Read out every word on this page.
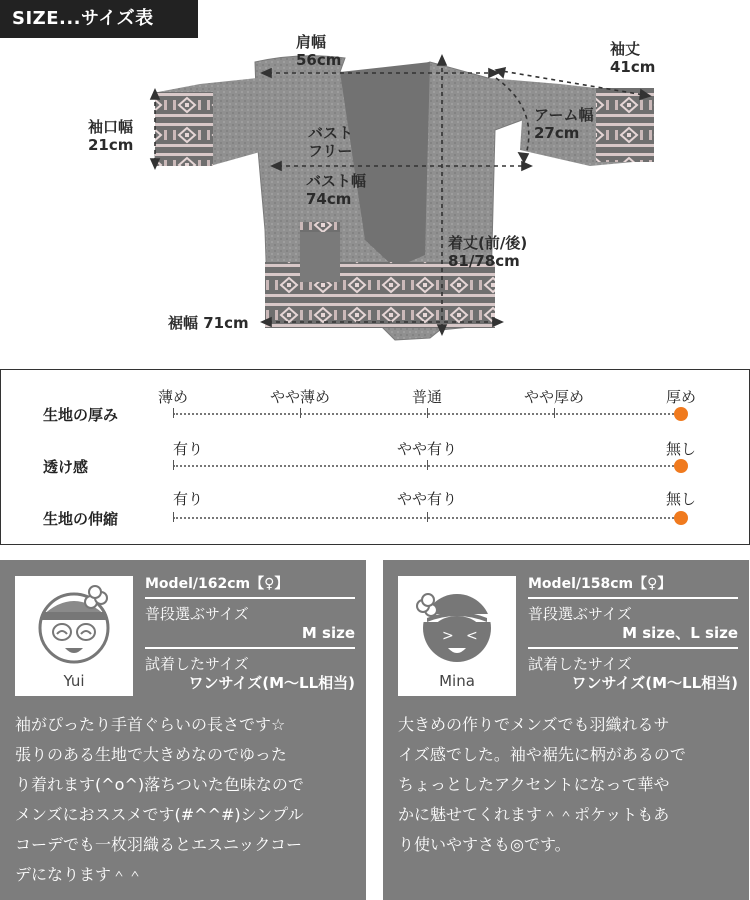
SIZE...サイズ表
肩幅
56cm
袖丈
41cm
袖口幅
21cm
アーム幅
27cm
バスト
フリー
バスト幅
74cm
着丈(前/後)
81/78cm
裾幅 71cm
生地の厚み
薄め	やや薄め	普通	やや厚め	厚め
透け感
有り	やや有り	無し
生地の伸縮
有り	やや有り	無し
Yui
Model/162cm【♀】
普段選ぶサイズ
M size
試着したサイズ
ワンサイズ(M〜LL相当)
袖がぴったり手首ぐらいの長さです☆
張りのある生地で大きめなのでゆった
り着れます(^o^)落ちついた色味なので
メンズにおススメです(#^^#)シンプル
コーデでも一枚羽織るとエスニックコー
デになります＾＾
> <
Mina
Model/158cm【♀】
普段選ぶサイズ
M size、L size
試着したサイズ
ワンサイズ(M〜LL相当)
大きめの作りでメンズでも羽織れるサ
イズ感でした。袖や裾先に柄があるので
ちょっとしたアクセントになって華や
かに魅せてくれます＾＾ポケットもあ
り使いやすさも◎です。
